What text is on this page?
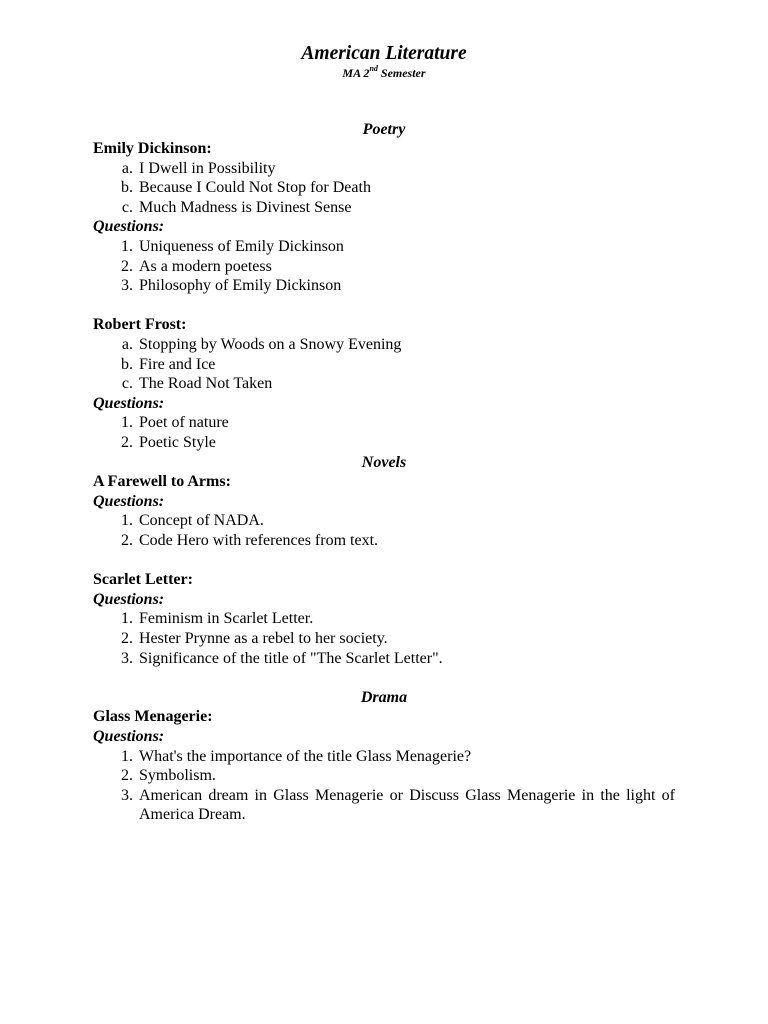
American Literature
MA 2nd Semester
Poetry
Emily Dickinson:
a. I Dwell in Possibility
b. Because I Could Not Stop for Death
c. Much Madness is Divinest Sense
Questions:
1. Uniqueness of Emily Dickinson
2. As a modern poetess
3. Philosophy of Emily Dickinson
Robert Frost:
a. Stopping by Woods on a Snowy Evening
b. Fire and Ice
c. The Road Not Taken
Questions:
1. Poet of nature
2. Poetic Style
Novels
A Farewell to Arms:
Questions:
1. Concept of NADA.
2. Code Hero with references from text.
Scarlet Letter:
Questions:
1. Feminism in Scarlet Letter.
2. Hester Prynne as a rebel to her society.
3. Significance of the title of "The Scarlet Letter".
Drama
Glass Menagerie:
Questions:
1. What's the importance of the title Glass Menagerie?
2. Symbolism.
3. American dream in Glass Menagerie or Discuss Glass Menagerie in the light of America Dream.
